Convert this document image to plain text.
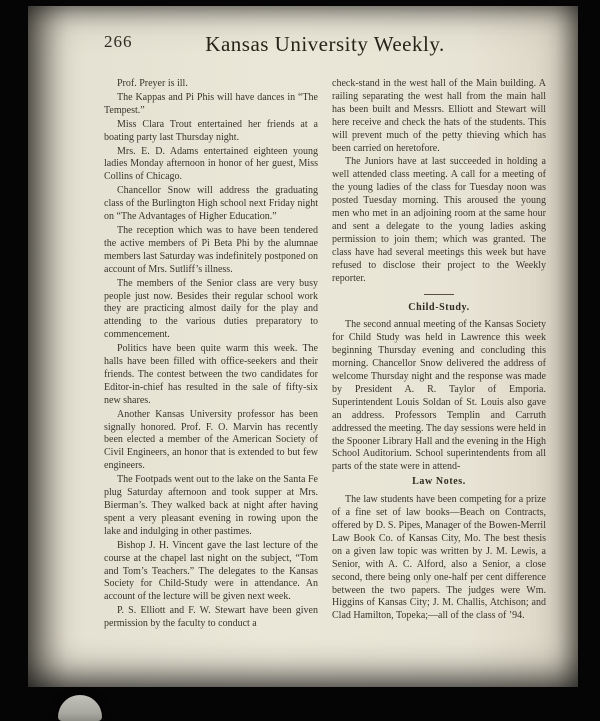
266	Kansas University Weekly.

Prof. Preyer is ill.

The Kappas and Pi Phis will have dances in “The Tempest.”

Miss Clara Trout entertained her friends at a boating party last Thursday night.

Mrs. E. D. Adams entertained eighteen young ladies Monday afternoon in honor of her guest, Miss Collins of Chicago.

Chancellor Snow will address the graduating class of the Burlington High school next Friday night on “The Advantages of Higher Education.”

The reception which was to have been tendered the active members of Pi Beta Phi by the alumnae members last Saturday was indefinitely postponed on account of Mrs. Sutliff’s illness.

The members of the Senior class are very busy people just now. Besides their regular school work they are practicing almost daily for the play and attending to the various duties preparatory to commencement.

Politics have been quite warm this week. The halls have been filled with office-seekers and their friends. The contest between the two candidates for Editor-in-chief has resulted in the sale of fifty-six new shares.

Another Kansas University professor has been signally honored. Prof. F. O. Marvin has recently been elected a member of the American Society of Civil Engineers, an honor that is extended to but few engineers.

The Footpads went out to the lake on the Santa Fe plug Saturday afternoon and took supper at Mrs. Bierman’s. They walked back at night after having spent a very pleasant evening in rowing upon the lake and indulging in other pastimes.

Bishop J. H. Vincent gave the last lecture of the course at the chapel last night on the subject, “Tom and Tom’s Teachers.” The delegates to the Kansas Society for Child-Study were in attendance. An account of the lecture will be given next week.

P. S. Elliott and F. W. Stewart have been given permission by the faculty to conduct a

check-stand in the west hall of the Main building. A railing separating the west hall from the main hall has been built and Messrs. Elliott and Stewart will here receive and check the hats of the students. This will prevent much of the petty thieving which has been carried on heretofore.

The Juniors have at last succeeded in holding a well attended class meeting. A call for a meeting of the young ladies of the class for Tuesday noon was posted Tuesday morning. This aroused the young men who met in an adjoining room at the same hour and sent a delegate to the young ladies asking permission to join them; which was granted. The class have had several meetings this week but have refused to disclose their project to the Weekly reporter.

Child-Study.

The second annual meeting of the Kansas Society for Child Study was held in Lawrence this week beginning Thursday evening and concluding this morning. Chancellor Snow delivered the address of welcome Thursday night and the response was made by President A. R. Taylor of Emporia. Superintendent Louis Soldan of St. Louis also gave an address. Professors Templin and Carruth addressed the meeting. The day sessions were held in the Spooner Library Hall and the evening in the High School Auditorium. School superintendents from all parts of the state were in attend-

Law Notes.

The law students have been competing for a prize of a fine set of law books—Beach on Contracts, offered by D. S. Pipes, Manager of the Bowen-Merril Law Book Co. of Kansas City, Mo. The best thesis on a given law topic was written by J. M. Lewis, a Senior, with A. C. Alford, also a Senior, a close second, there being only one-half per cent difference between the two papers. The judges were Wm. Higgins of Kansas City; J. M. Challis, Atchison; and Clad Hamilton, Topeka;—all of the class of ’94.
